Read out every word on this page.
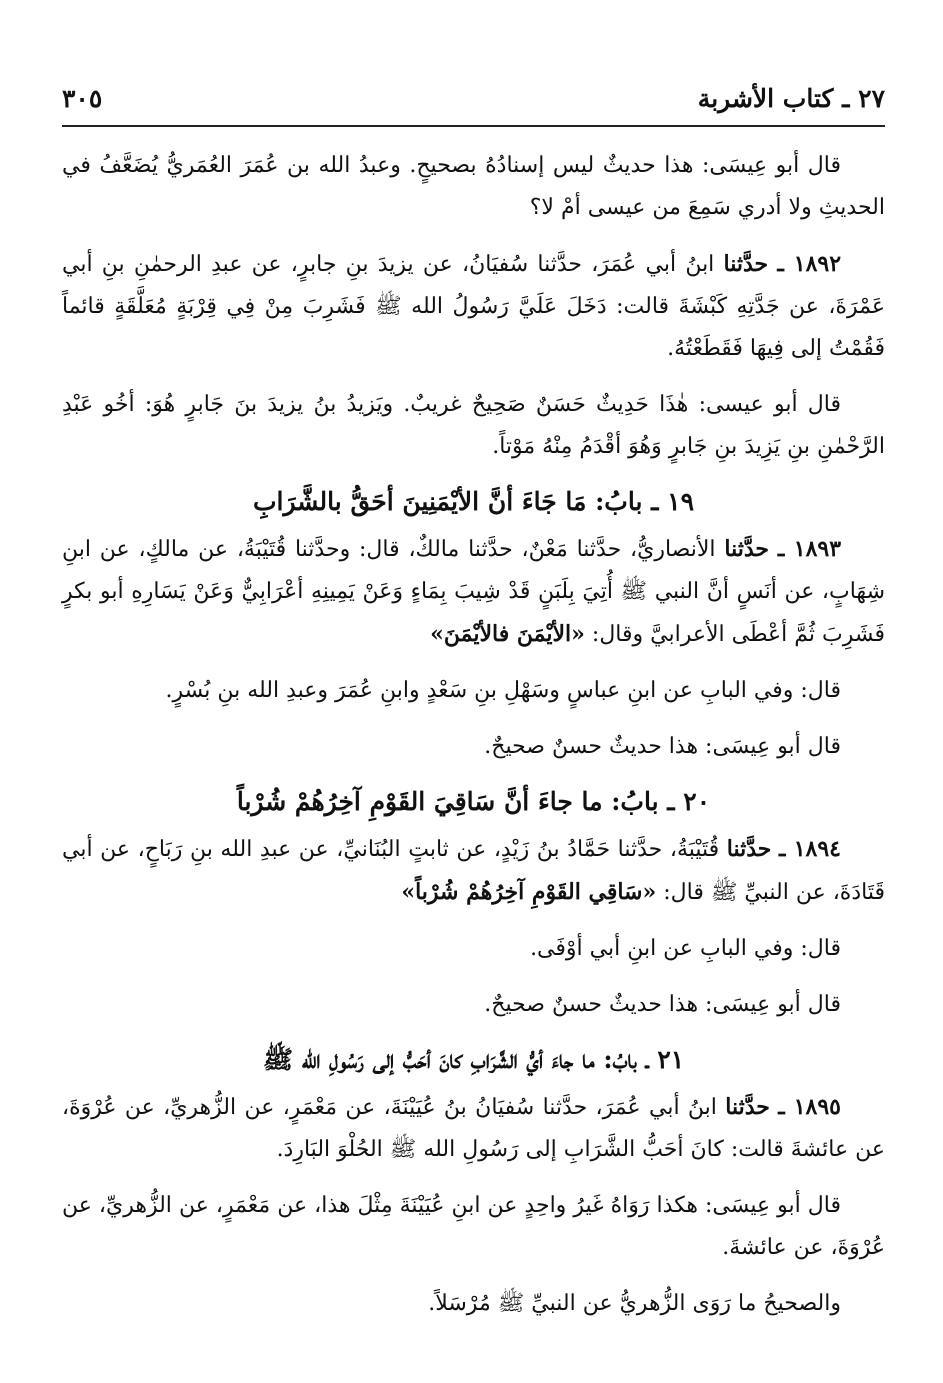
٢٧ ـ كتاب الأشربة
٣٠٥

قال أبو عِيسَى: هذا حديثٌ ليس إسنادُهُ بصحيحٍ. وعبدُ الله بن عُمَرَ العُمَريُّ يُضَعَّفُ في الحديثِ ولا أدري سَمِعَ من عيسى أمْ لا؟

١٨٩٢ ـ حدَّثنا ابنُ أبي عُمَرَ، حدَّثنا سُفيَانُ، عن يزيدَ بنِ جابرٍ، عن عبدِ الرحمٰنِ بنِ أبي عَمْرَةَ، عن جَدَّتِهِ كَبْشَةَ قالت: دَخَلَ عَلَيَّ رَسُولُ الله ﷺ فَشَرِبَ مِنْ فِي قِرْبَةٍ مُعَلَّقَةٍ قائماً فَقُمْتُ إلى فِيهَا فَقَطَعْتُهُ.

قال أبو عيسى: هٰذَا حَدِيثٌ حَسَنٌ صَحِيحٌ غريبٌ. ويَزيدُ بنُ يزيدَ بنَ جَابرٍ هُوَ: أخُو عَبْدِ الرَّحْمٰنِ بنِ يَزِيدَ بنِ جَابرٍ وَهُوَ أقْدَمُ مِنْهُ مَوْتاً.

١٩ ـ بابُ: مَا جَاءَ أنَّ الأيْمَنِينَ أحَقُّ بالشَّرَابِ

١٨٩٣ ـ حدَّثنا الأنصاريُّ، حدَّثنا مَعْنٌ، حدَّثنا مالكٌ، قال: وحدَّثنا قُتَيْبَةُ، عن مالكٍ، عن ابنِ شِهَابٍ، عن أنَسٍ أنَّ النبي ﷺ أُتِيَ بِلَبَنٍ قَدْ شِيبَ بِمَاءٍ وَعَنْ يَمِينِهِ أعْرَابِيٌّ وَعَنْ يَسَارِهِ أبو بكرٍ فَشَرِبَ ثُمَّ أعْطَى الأعرابيَّ وقال: «الأيْمَنَ فالأيْمَنَ»

قال: وفي البابِ عن ابنِ عباسٍ وسَهْلِ بنِ سَعْدٍ وابنِ عُمَرَ وعبدِ الله بنِ بُسْرٍ.

قال أبو عِيسَى: هذا حديثٌ حسنٌ صحيحٌ.

٢٠ ـ بابُ: ما جاءَ أنَّ سَاقِيَ القَوْمِ آخِرُهُمْ شُرْباً

١٨٩٤ ـ حدَّثنا قُتَيْبَةُ، حدَّثنا حَمَّادُ بنُ زَيْدٍ، عن ثابتٍ البُنَانيِّ، عن عبدِ الله بنِ رَبَاحٍ، عن أبي قَتَادَةَ، عن النبيِّ ﷺ قال: «سَاقِي القَوْمِ آخِرُهُمْ شُرْباً»

قال: وفي البابِ عن ابنِ أبي أوْفَى.

قال أبو عِيسَى: هذا حديثٌ حسنٌ صحيحٌ.

٢١ ـ بابُ: ما جاءَ أيُّ الشَّرَابِ كانَ أحَبُّ إلى رَسُولِ الله ﷺ

١٨٩٥ ـ حدَّثنا ابنُ أبي عُمَرَ، حدَّثنا سُفيَانُ بنُ عُيَيْنَةَ، عن مَعْمَرٍ، عن الزُّهريِّ، عن عُرْوَةَ، عن عائشةَ قالت: كانَ أحَبُّ الشَّرَابِ إلى رَسُولِ الله ﷺ الحُلْوَ البَارِدَ.

قال أبو عِيسَى: هكذا رَوَاهُ غَيرُ واحِدٍ عن ابنِ عُيَيْنَةَ مِثْلَ هذا، عن مَعْمَرٍ، عن الزُّهريِّ، عن عُرْوَةَ، عن عائشةَ.

والصحيحُ ما رَوَى الزُّهريُّ عن النبيِّ ﷺ مُرْسَلاً.
